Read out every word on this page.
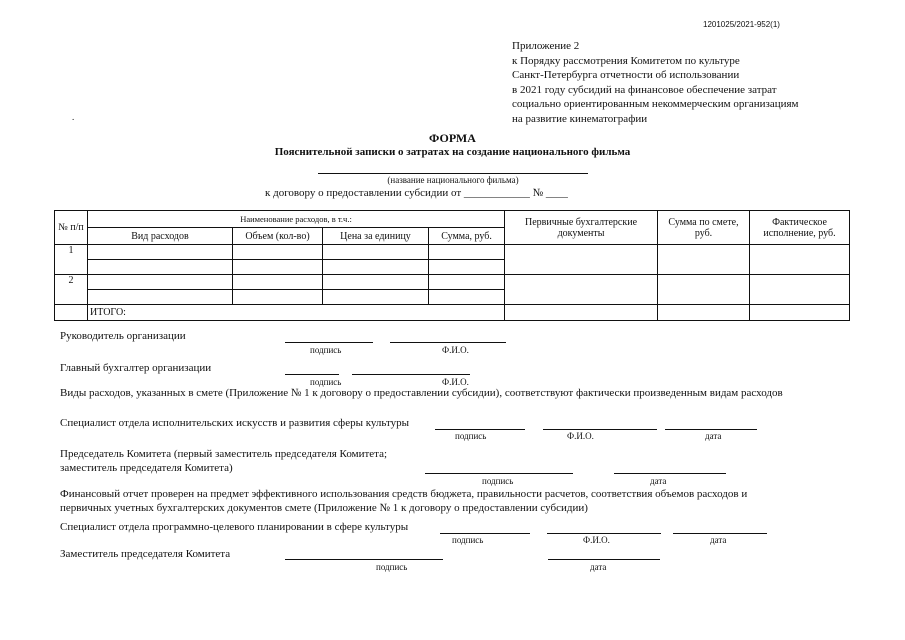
1201025/2021-952(1)
Приложение 2
к Порядку рассмотрения Комитетом по культуре
Санкт-Петербурга отчетности об использовании
в 2021 году субсидий на финансовое обеспечение затрат
социально ориентированным некоммерческим организациям
на развитие кинематографии
.
ФОРМА
Пояснительной записки о затратах на создание национального фильма
(название национального фильма)
к договору о предоставлении субсидии от ____________ № ____
№ п/п	Наименование расходов, в т.ч.:				Первичные бухгалтерские документы	Сумма по смете, руб.	Фактическое исполнение, руб.
	Вид расходов	Объем (кол-во)	Цена за единицу	Сумма, руб.			
1							

2							

	ИТОГО:						
Руководитель организации
подпись	Ф.И.О.
Главный бухгалтер организации
подпись	Ф.И.О.
Виды расходов, указанных в смете (Приложение № 1 к договору о предоставлении субсидии), соответствуют фактически произведенным видам расходов
Специалист отдела исполнительских искусств и развития сферы культуры
подпись	Ф.И.О.	дата
Председатель Комитета (первый заместитель председателя Комитета;
заместитель председателя Комитета)
подпись	дата
Финансовый отчет проверен на предмет эффективного использования средств бюджета, правильности расчетов, соответствия объемов расходов и
первичных учетных бухгалтерских документов смете (Приложение № 1 к договору о предоставлении субсидии)
Специалист отдела программно-целевого планировании в сфере культуры
подпись	Ф.И.О.	дата
Заместитель председателя Комитета
подпись	дата
